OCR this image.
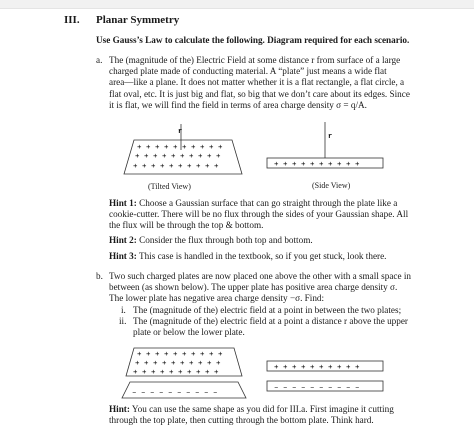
III. Planar Symmetry
Use Gauss’s Law to calculate the following. Diagram required for each scenario.
a. The (magnitude of the) Electric Field at some distance r from surface of a large
charged plate made of conducting material. A “plate” just means a wide flat
area—like a plane. It does not matter whether it is a flat rectangle, a flat circle, a
flat oval, etc. It is just big and flat, so big that we don’t care about its edges. Since
it is flat, we will find the field in terms of area charge density σ = q/A.
r
+ + + + + + + + + +
+ + + + + + + + + +
+ + + + + + + + + +
(Tilted View)
r
+ + + + + + + + + +
(Side View)
Hint 1: Choose a Gaussian surface that can go straight through the plate like a
cookie-cutter. There will be no flux through the sides of your Gaussian shape. All
the flux will be through the top & bottom.
Hint 2: Consider the flux through both top and bottom.
Hint 3: This case is handled in the textbook, so if you get stuck, look there.
b. Two such charged plates are now placed one above the other with a small space in
between (as shown below). The upper plate has positive area charge density σ.
The lower plate has negative area charge density −σ. Find:
i. The (magnitude of the) electric field at a point in between the two plates;
ii. The (magnitude of the) electric field at a point a distance r above the upper
plate or below the lower plate.
+ + + + + + + + + +
+ + + + + + + + + +
+ + + + + + + + + +
– – – – – – – – – –
+ + + + + + + + + +
– – – – – – – – – –
Hint: You can use the same shape as you did for III.a. First imagine it cutting
through the top plate, then cutting through the bottom plate. Think hard.
